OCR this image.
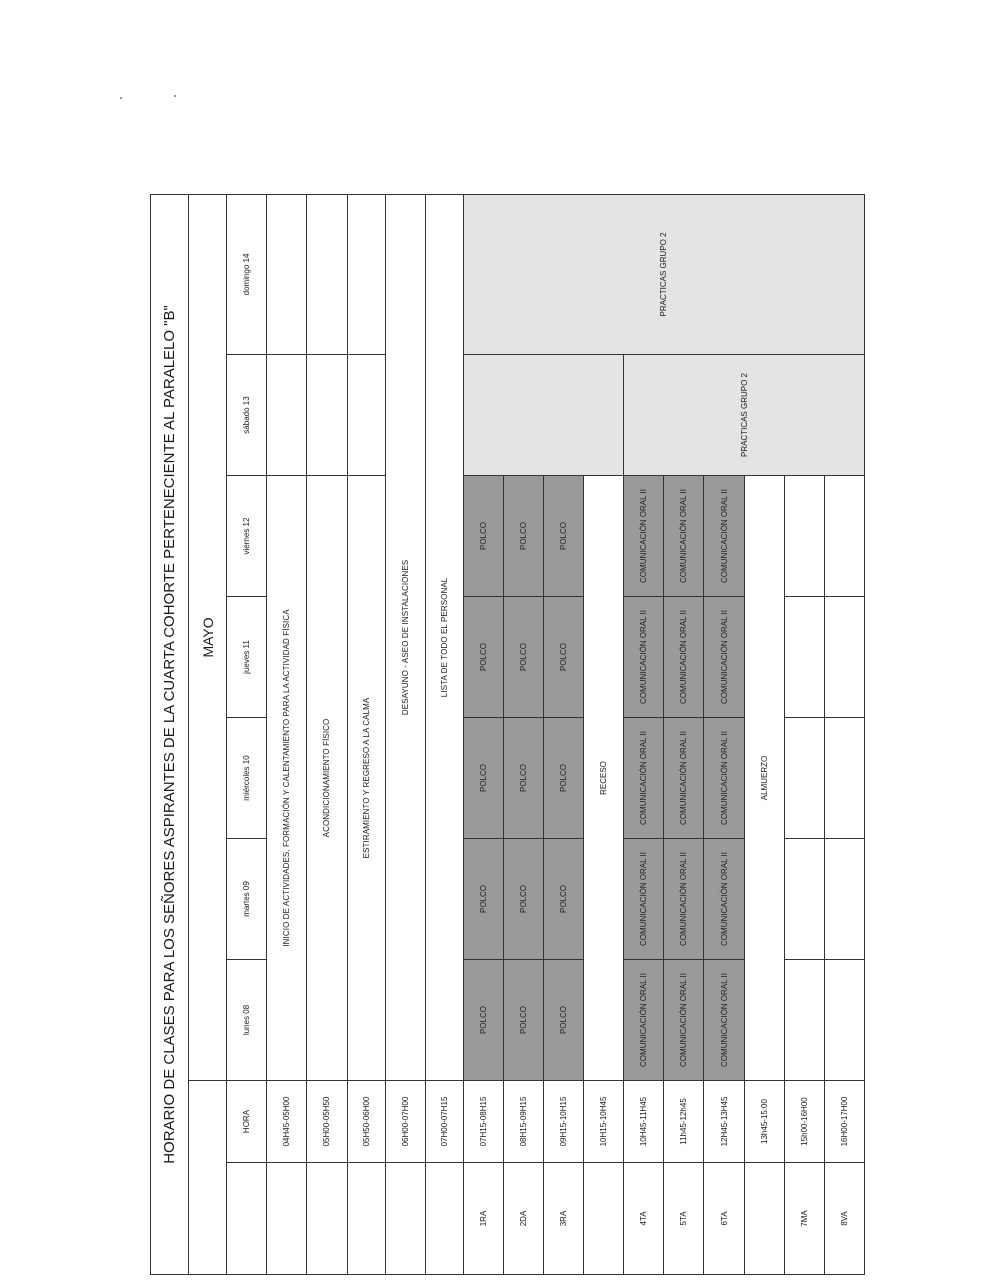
HORARIO DE CLASES PARA LOS SEÑORES ASPIRANTES DE LA CUARTA COHORTE PERTENECIENTE AL PARALELO "B"								
		MAYO						
	HORA	lunes 08	martes 09	miércoles 10	jueves 11	viernes 12	sábado 13	domingo 14
	04H45-05H00	INICIO DE ACTIVIDADES, FORMACIÓN Y CALENTAMIENTO PARA LA ACTIVIDAD FÍSICA						
	05H00-05H50	ACONDICIONAMIENTO FÍSICO						
	05H50-06H00	ESTIRAMIENTO Y REGRESO A LA CALMA						
	06H00-07H00	DESAYUNO - ASEO DE INSTALACIONES						
	07H00-07H15	LISTA DE TODO EL PERSONAL						
1RA	07H15-08H15	POLCO	POLCO	POLCO	POLCO	POLCO		PRACTICAS GRUPO 2
2DA	08H15-09H15	POLCO	POLCO	POLCO	POLCO	POLCO		
3RA	09H15-10H15	POLCO	POLCO	POLCO	POLCO	POLCO		
	10H15-10H45	RECESO						
4TA	10H45-11H45	COMUNICACIÓN ORAL II	COMUNICACIÓN ORAL II	COMUNICACIÓN ORAL II	COMUNICACIÓN ORAL II	COMUNICACIÓN ORAL II	PRACTICAS GRUPO 2	
5TA	11h45-12h45	COMUNICACIÓN ORAL II	COMUNICACIÓN ORAL II	COMUNICACIÓN ORAL II	COMUNICACIÓN ORAL II	COMUNICACIÓN ORAL II		
6TA	12H45-13H45	COMUNICACIÓN ORAL II	COMUNICACIÓN ORAL II	COMUNICACIÓN ORAL II	COMUNICACIÓN ORAL II	COMUNICACIÓN ORAL II		
	13h45-15:00	ALMUERZO						
7MA	15h00-16H00							
8VA	16H00-17H00							
